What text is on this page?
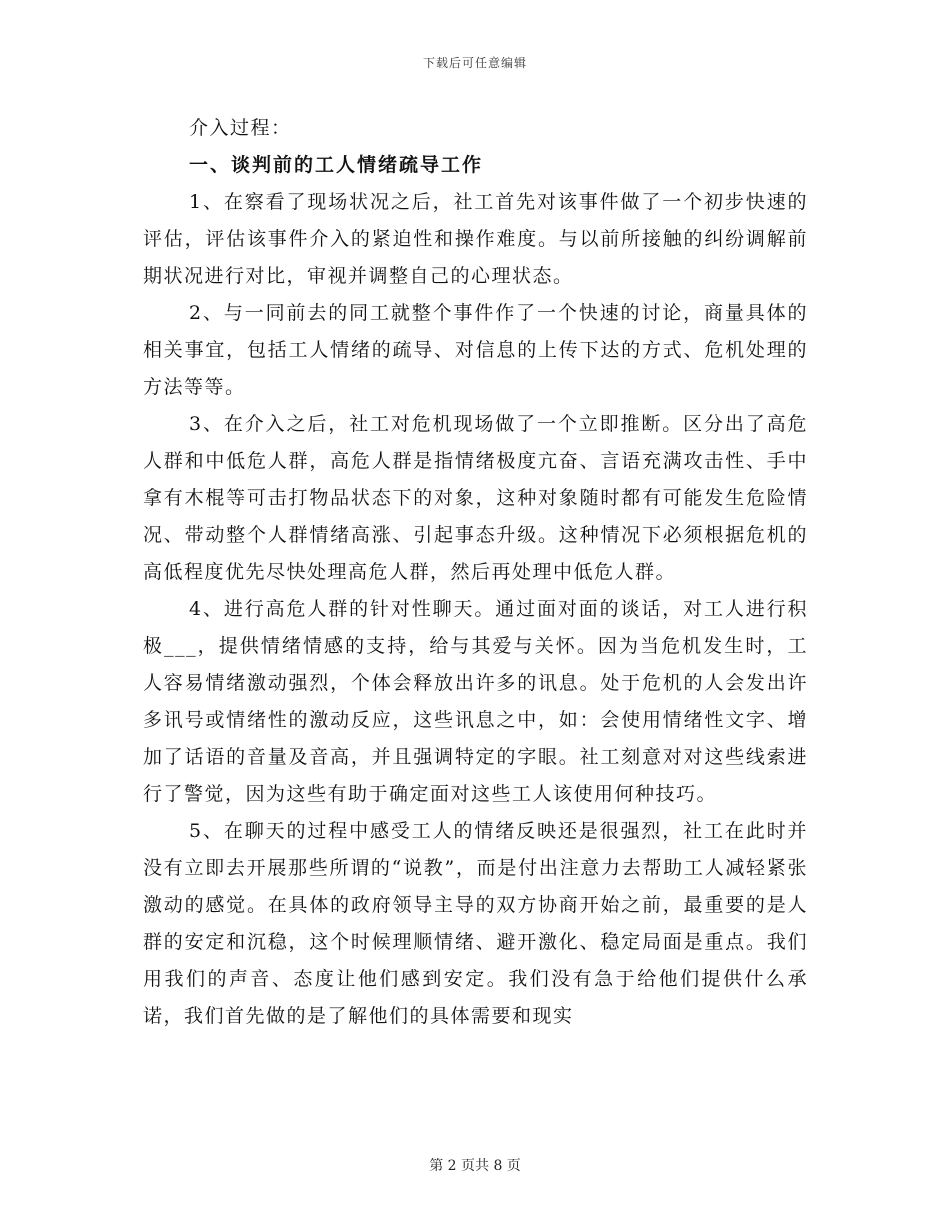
下载后可任意编辑

介入过程：

一、谈判前的工人情绪疏导工作

1、在察看了现场状况之后，社工首先对该事件做了一个初步快速的评估，评估该事件介入的紧迫性和操作难度。与以前所接触的纠纷调解前期状况进行对比，审视并调整自己的心理状态。

2、与一同前去的同工就整个事件作了一个快速的讨论，商量具体的相关事宜，包括工人情绪的疏导、对信息的上传下达的方式、危机处理的方法等等。

3、在介入之后，社工对危机现场做了一个立即推断。区分出了高危人群和中低危人群，高危人群是指情绪极度亢奋、言语充满攻击性、手中拿有木棍等可击打物品状态下的对象，这种对象随时都有可能发生危险情况、带动整个人群情绪高涨、引起事态升级。这种情况下必须根据危机的高低程度优先尽快处理高危人群，然后再处理中低危人群。

4、进行高危人群的针对性聊天。通过面对面的谈话，对工人进行积极___，提供情绪情感的支持，给与其爱与关怀。因为当危机发生时，工人容易情绪激动强烈，个体会释放出许多的讯息。处于危机的人会发出许多讯号或情绪性的激动反应，这些讯息之中，如：会使用情绪性文字、增加了话语的音量及音高，并且强调特定的字眼。社工刻意对对这些线索进行了警觉，因为这些有助于确定面对这些工人该使用何种技巧。

5、在聊天的过程中感受工人的情绪反映还是很强烈，社工在此时并没有立即去开展那些所谓的“说教”，而是付出注意力去帮助工人减轻紧张激动的感觉。在具体的政府领导主导的双方协商开始之前，最重要的是人群的安定和沉稳，这个时候理顺情绪、避开激化、稳定局面是重点。我们用我们的声音、态度让他们感到安定。我们没有急于给他们提供什么承诺，我们首先做的是了解他们的具体需要和现实

第 2 页共 8 页
